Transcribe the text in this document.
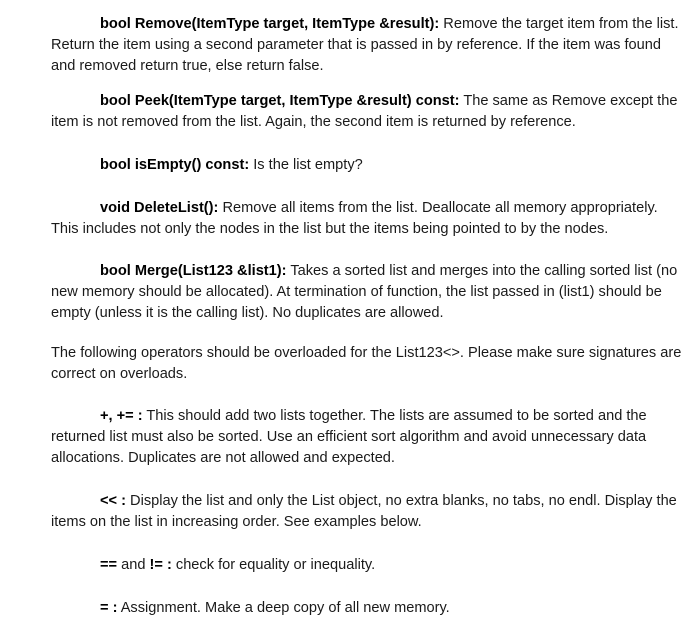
bool Remove(ItemType target, ItemType &result): Remove the target item from the list. Return the item using a second parameter that is passed in by reference. If the item was found and removed return true, else return false.

bool Peek(ItemType target, ItemType &result) const: The same as Remove except the item is not removed from the list. Again, the second item is returned by reference.

bool isEmpty() const: Is the list empty?

void DeleteList(): Remove all items from the list. Deallocate all memory appropriately. This includes not only the nodes in the list but the items being pointed to by the nodes.

bool Merge(List123 &list1): Takes a sorted list and merges into the calling sorted list (no new memory should be allocated). At termination of function, the list passed in (list1) should be empty (unless it is the calling list). No duplicates are allowed.

The following operators should be overloaded for the List123<>. Please make sure signatures are correct on overloads.

+, += : This should add two lists together. The lists are assumed to be sorted and the returned list must also be sorted. Use an efficient sort algorithm and avoid unnecessary data allocations. Duplicates are not allowed and expected.

<< : Display the list and only the List object, no extra blanks, no tabs, no endl. Display the items on the list in increasing order. See examples below.

== and != : check for equality or inequality.

= : Assignment. Make a deep copy of all new memory.
